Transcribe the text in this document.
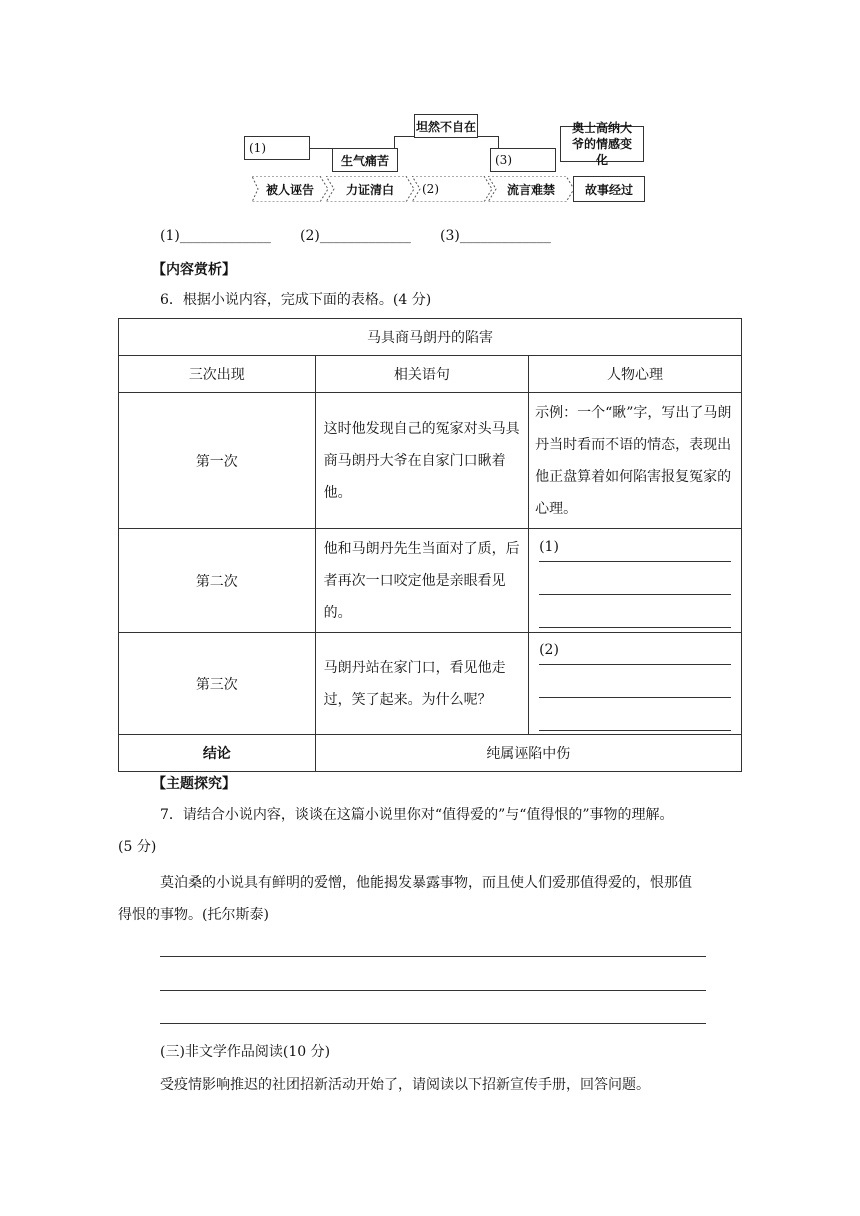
(1)
生气痛苦
坦然不自在
(3)
奥士高纳大爷的情感变化
被人诬告	力证清白	(2)	流言难禁	故事经过
(1)_____________ (2)_____________ (3)_____________
【内容赏析】
6．根据小说内容，完成下面的表格。(4 分)
马具商马朗丹的陷害		
三次出现	相关语句	人物心理
第一次	这时他发现自己的冤家对头马具商马朗丹大爷在自家门口瞅着他。	示例：一个“瞅”字，写出了马朗丹当时看而不语的情态，表现出他正盘算着如何陷害报复冤家的心理。
第二次	他和马朗丹先生当面对了质，后者再次一口咬定他是亲眼看见的。	(1)

第三次	马朗丹站在家门口，看见他走过，笑了起来。为什么呢？	(2)

结论	纯属诬陷中伤	
【主题探究】
7．请结合小说内容，谈谈在这篇小说里你对“值得爱的”与“值得恨的”事物的理解。
(5 分)
莫泊桑的小说具有鲜明的爱憎，他能揭发暴露事物，而且使人们爱那值得爱的，恨那值
得恨的事物。(托尔斯泰)
(三)非文学作品阅读(10 分)
受疫情影响推迟的社团招新活动开始了，请阅读以下招新宣传手册，回答问题。
